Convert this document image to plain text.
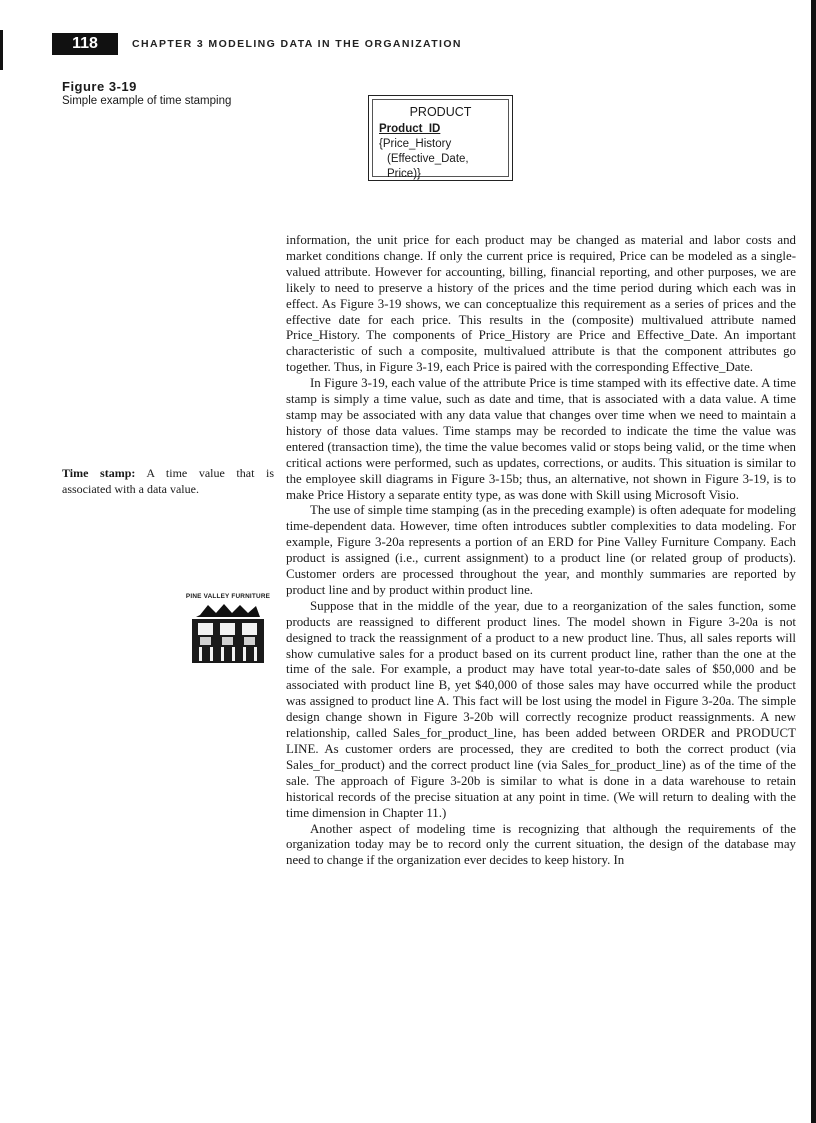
118	CHAPTER 3 MODELING DATA IN THE ORGANIZATION
Figure 3-19
Simple example of time stamping
PRODUCT
Product_ID
{Price_History
(Effective_Date, Price)}

information, the unit price for each product may be changed as material and labor costs and market conditions change. If only the current price is required, Price can be modeled as a single-valued attribute. However for accounting, billing, financial reporting, and other purposes, we are likely to need to preserve a history of the prices and the time period during which each was in effect. As Figure 3-19 shows, we can conceptualize this requirement as a series of prices and the effective date for each price. This results in the (composite) multivalued attribute named Price_History. The components of Price_History are Price and Effective_Date. An important characteristic of such a composite, multivalued attribute is that the component attributes go together. Thus, in Figure 3-19, each Price is paired with the corresponding Effective_Date.

In Figure 3-19, each value of the attribute Price is time stamped with its effective date. A time stamp is simply a time value, such as date and time, that is associated with a data value. A time stamp may be associated with any data value that changes over time when we need to maintain a history of those data values. Time stamps may be recorded to indicate the time the value was entered (transaction time), the time the value becomes valid or stops being valid, or the time when critical actions were performed, such as updates, corrections, or audits. This situation is similar to the employee skill diagrams in Figure 3-15b; thus, an alternative, not shown in Figure 3-19, is to make Price History a separate entity type, as was done with Skill using Microsoft Visio.

The use of simple time stamping (as in the preceding example) is often adequate for modeling time-dependent data. However, time often introduces subtler complexities to data modeling. For example, Figure 3-20a represents a portion of an ERD for Pine Valley Furniture Company. Each product is assigned (i.e., current assignment) to a product line (or related group of products). Customer orders are processed throughout the year, and monthly summaries are reported by product line and by product within product line.

Suppose that in the middle of the year, due to a reorganization of the sales function, some products are reassigned to different product lines. The model shown in Figure 3-20a is not designed to track the reassignment of a product to a new product line. Thus, all sales reports will show cumulative sales for a product based on its current product line, rather than the one at the time of the sale. For example, a product may have total year-to-date sales of $50,000 and be associated with product line B, yet $40,000 of those sales may have occurred while the product was assigned to product line A. This fact will be lost using the model in Figure 3-20a. The simple design change shown in Figure 3-20b will correctly recognize product reassignments. A new relationship, called Sales_for_product_line, has been added between ORDER and PRODUCT LINE. As customer orders are processed, they are credited to both the correct product (via Sales_for_product) and the correct product line (via Sales_for_product_line) as of the time of the sale. The approach of Figure 3-20b is similar to what is done in a data warehouse to retain historical records of the precise situation at any point in time. (We will return to dealing with the time dimension in Chapter 11.)

Another aspect of modeling time is recognizing that although the requirements of the organization today may be to record only the current situation, the design of the database may need to change if the organization ever decides to keep history. In

Time stamp: A time value that is associated with a data value.
PINE VALLEY FURNITURE
